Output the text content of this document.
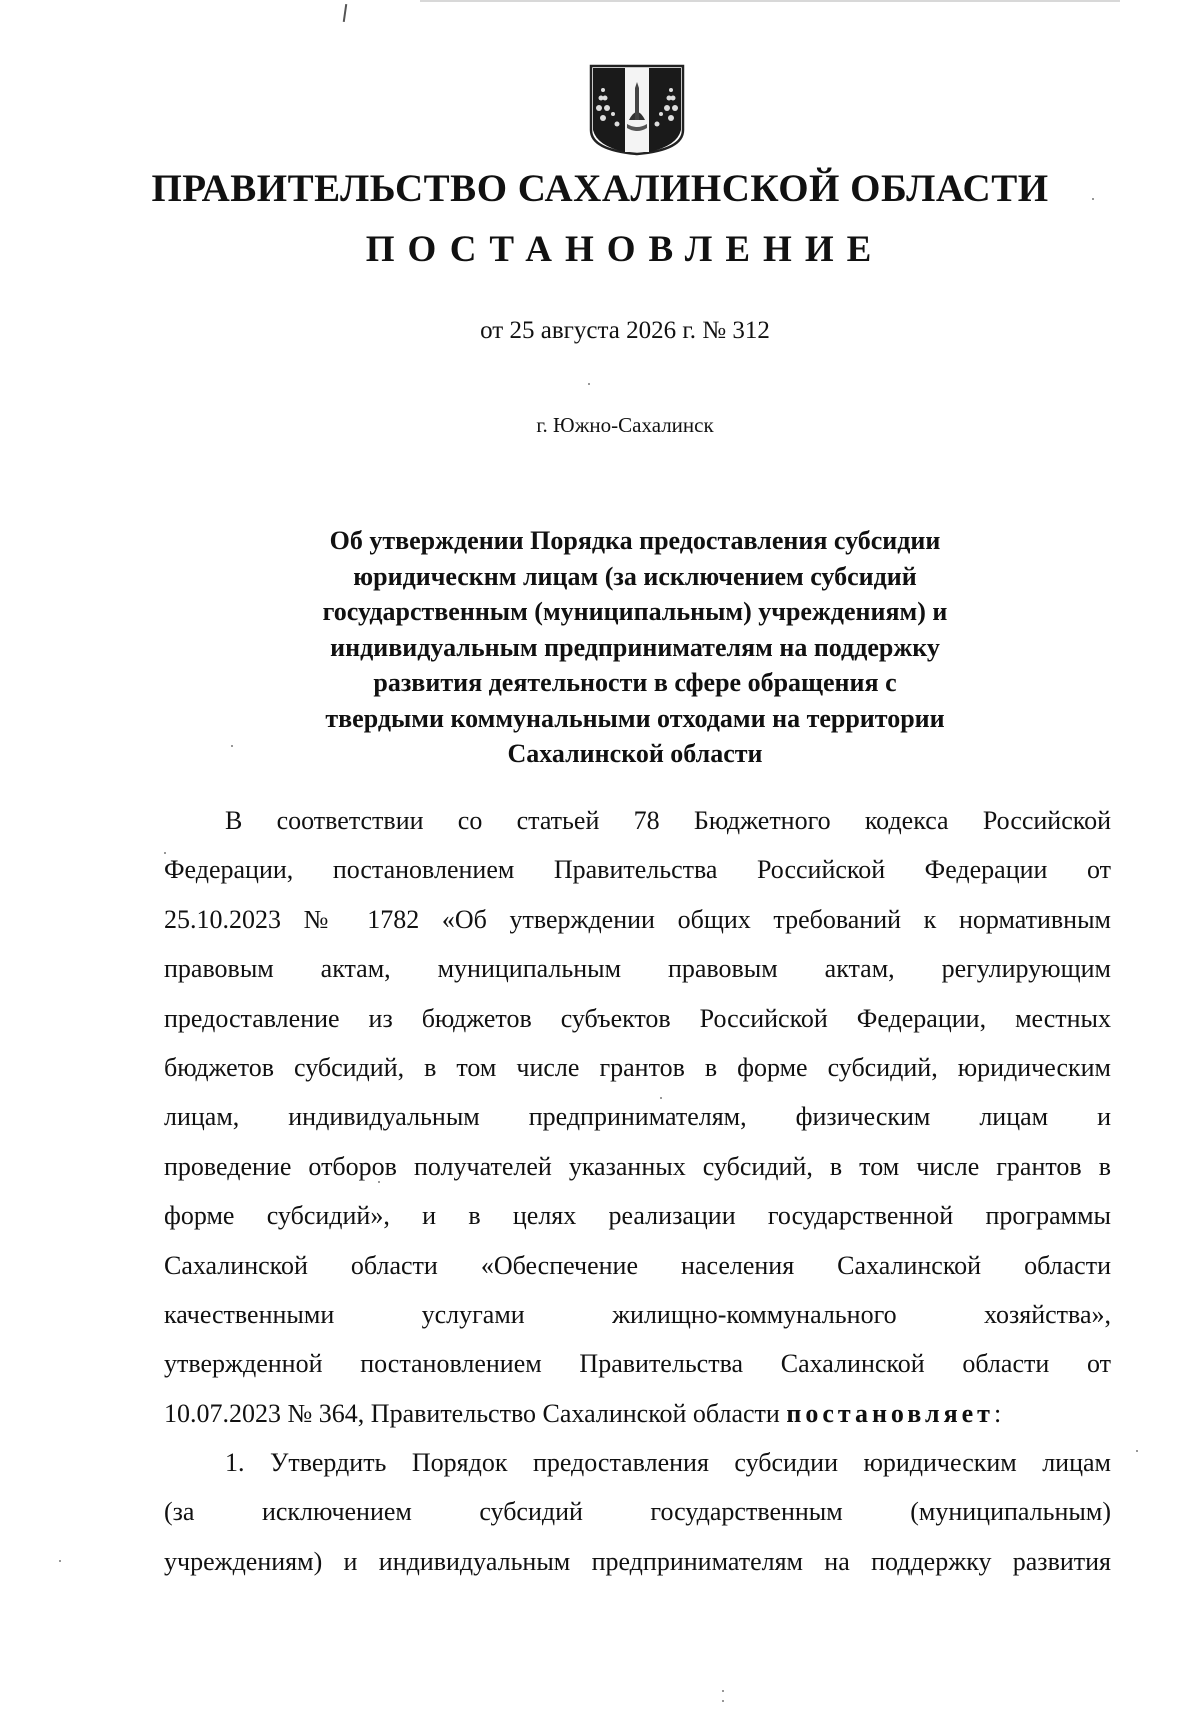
ПРАВИТЕЛЬСТВО САХАЛИНСКОЙ ОБЛАСТИ
ПОСТАНОВЛЕНИЕ

от 25 августа 2026 г. № 312

г. Южно-Сахалинск

Об утверждении Порядка предоставления субсидии
юридическнм лицам (за исключением субсидий
государственным (муниципальным) учреждениям) и
индивидуальным предпринимателям на поддержку
развития деятельности в сфере обращения с
твердыми коммунальными отходами на территории
Сахалинской области
В соответствии со статьей 78 Бюджетного кодекса Российской
Федерации, постановлением Правительства Российской Федерации от
25.10.2023 № 1782 «Об утверждении общих требований к нормативным
правовым актам, муниципальным правовым актам, регулирующим
предоставление из бюджетов субъектов Российской Федерации, местных
бюджетов субсидий, в том числе грантов в форме субсидий, юридическим
лицам, индивидуальным предпринимателям, физическим лицам и
проведение отборов получателей указанных субсидий, в том числе грантов в
форме субсидий», и в целях реализации государственной программы
Сахалинской области «Обеспечение населения Сахалинской области
качественными услугами жилищно-коммунального хозяйства»,
утвержденной постановлением Правительства Сахалинской области от
10.07.2023 № 364, Правительство Сахалинской области постановляет:
1. Утвердить Порядок предоставления субсидии юридическим лицам
(за исключением субсидий государственным (муниципальным)
учреждениям) и индивидуальным предпринимателям на поддержку развития
